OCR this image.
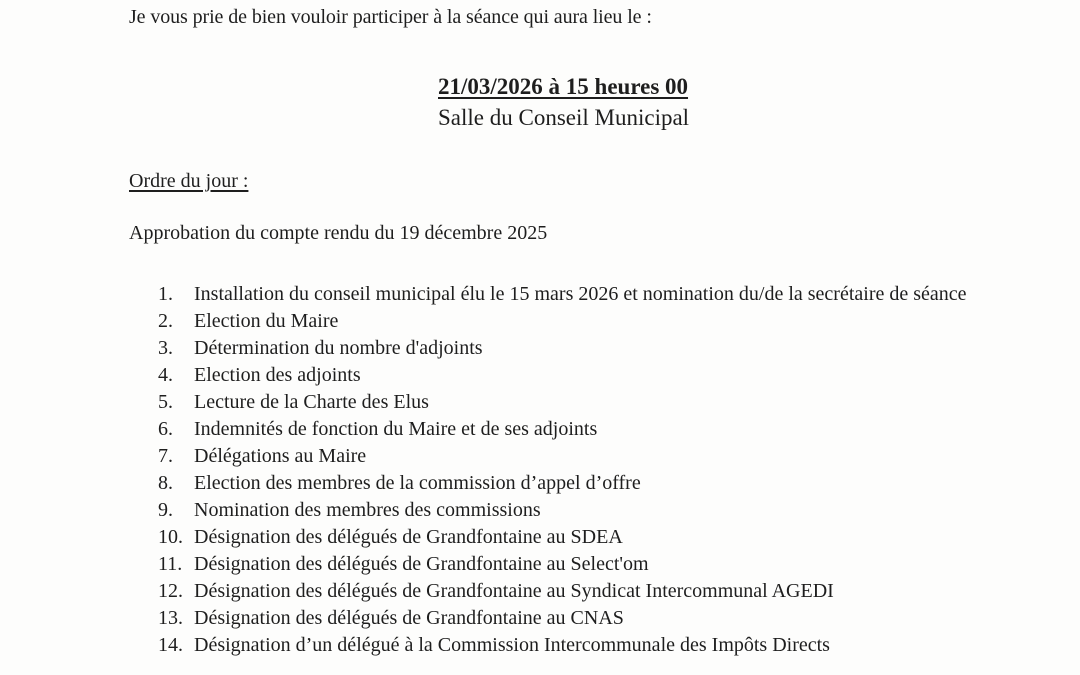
Je vous prie de bien vouloir participer à la séance qui aura lieu le :
21/03/2026 à 15 heures 00
Salle du Conseil Municipal
Ordre du jour :
Approbation du compte rendu du 19 décembre 2025
1.	Installation du conseil municipal élu le 15 mars 2026 et nomination du/de la secrétaire de séance
2.	Election du Maire
3.	Détermination du nombre d'adjoints
4.	Election des adjoints
5.	Lecture de la Charte des Elus
6.	Indemnités de fonction du Maire et de ses adjoints
7.	Délégations au Maire
8.	Election des membres de la commission d’appel d’offre
9.	Nomination des membres des commissions
10. Désignation des délégués de Grandfontaine au SDEA
11. Désignation des délégués de Grandfontaine au Select'om
12. Désignation des délégués de Grandfontaine au Syndicat Intercommunal AGEDI
13. Désignation des délégués de Grandfontaine au CNAS
14. Désignation d’un délégué à la Commission Intercommunale des Impôts Directs
